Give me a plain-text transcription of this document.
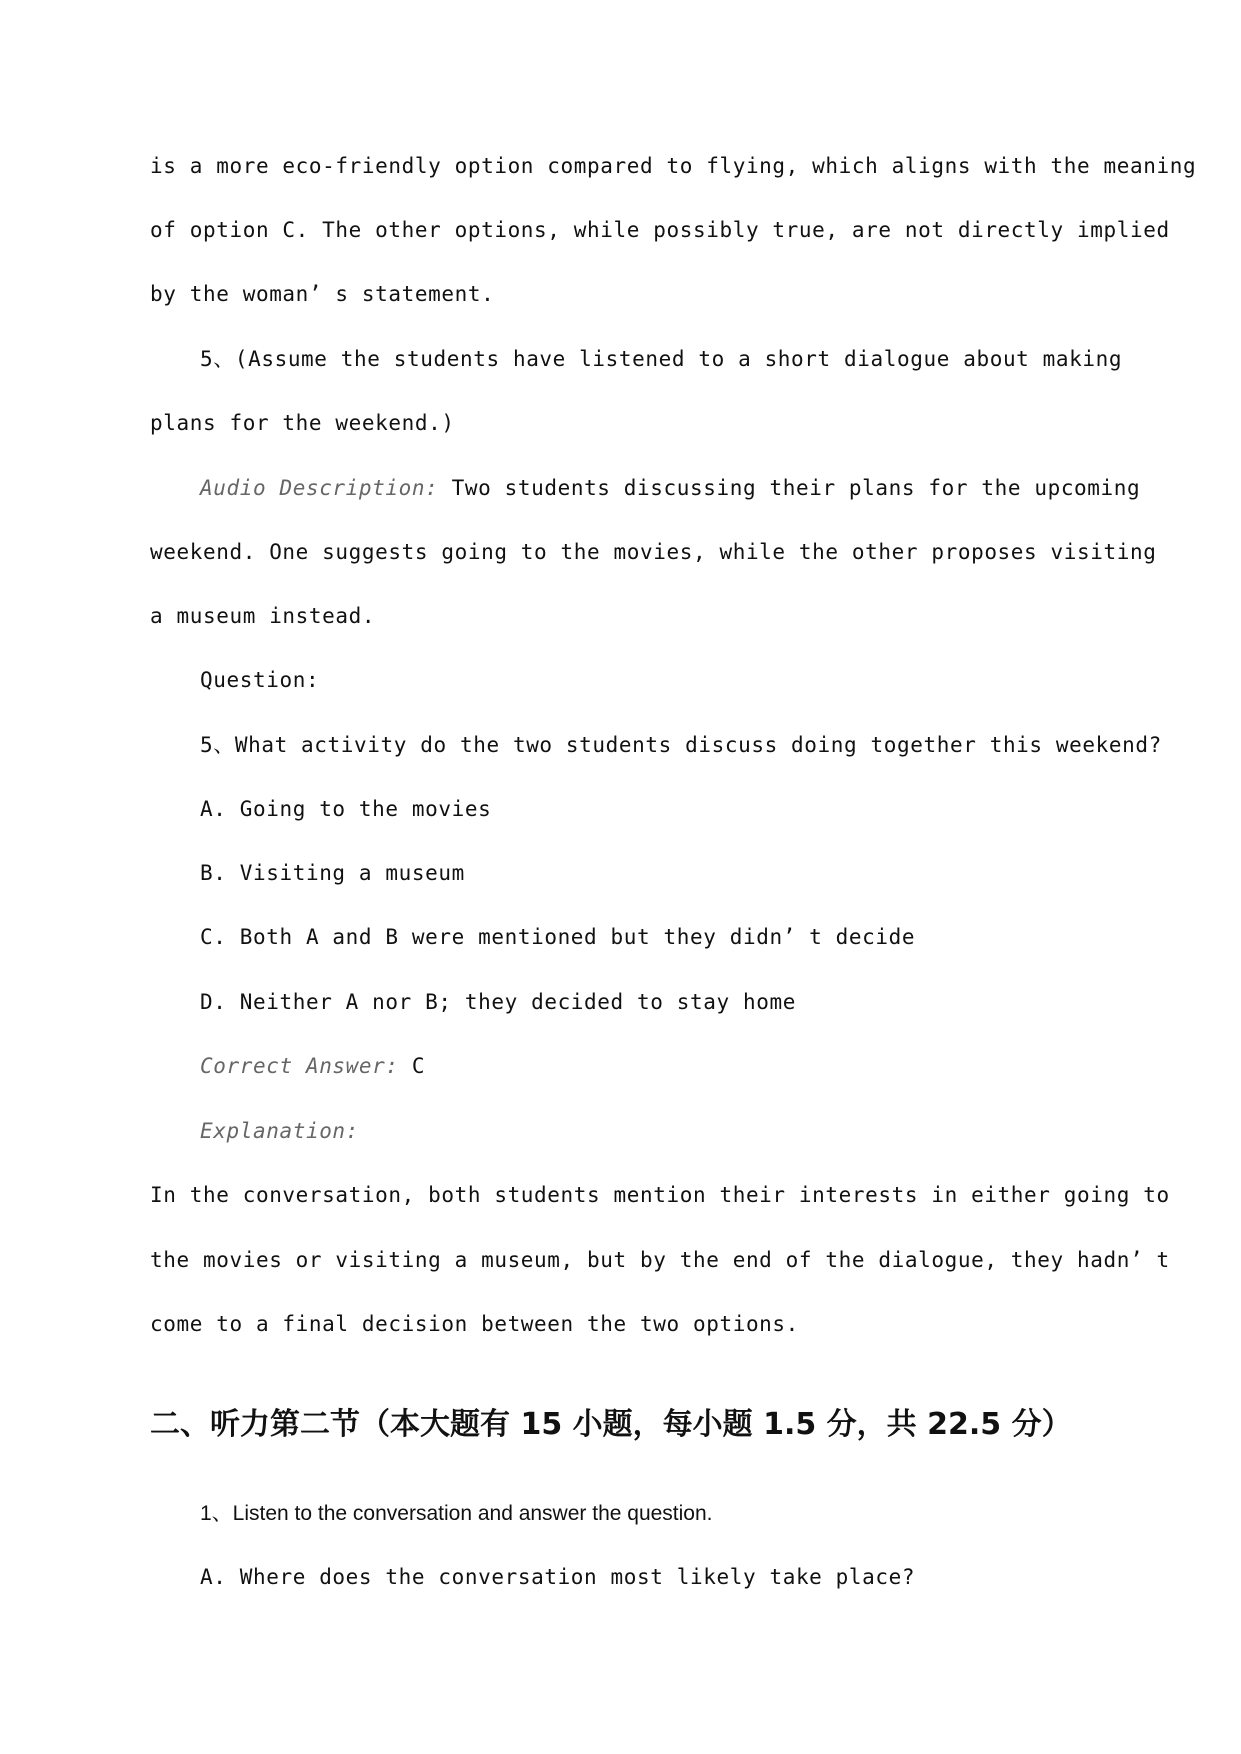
is a more eco-friendly option compared to flying, which aligns with the meaning
of option C. The other options, while possibly true, are not directly implied
by the woman’ s statement.
5、(Assume the students have listened to a short dialogue about making
plans for the weekend.)
Audio Description: Two students discussing their plans for the upcoming
weekend. One suggests going to the movies, while the other proposes visiting
a museum instead.
Question:
5、What activity do the two students discuss doing together this weekend?
A. Going to the movies
B. Visiting a museum
C. Both A and B were mentioned but they didn’ t decide
D. Neither A nor B; they decided to stay home
Correct Answer: C
Explanation:
In the conversation, both students mention their interests in either going to
the movies or visiting a museum, but by the end of the dialogue, they hadn’ t
come to a final decision between the two options.
二、听力第二节（本大题有 15 小题，每小题 1.5 分，共 22.5 分）
1、Listen to the conversation and answer the question.
A. Where does the conversation most likely take place?
